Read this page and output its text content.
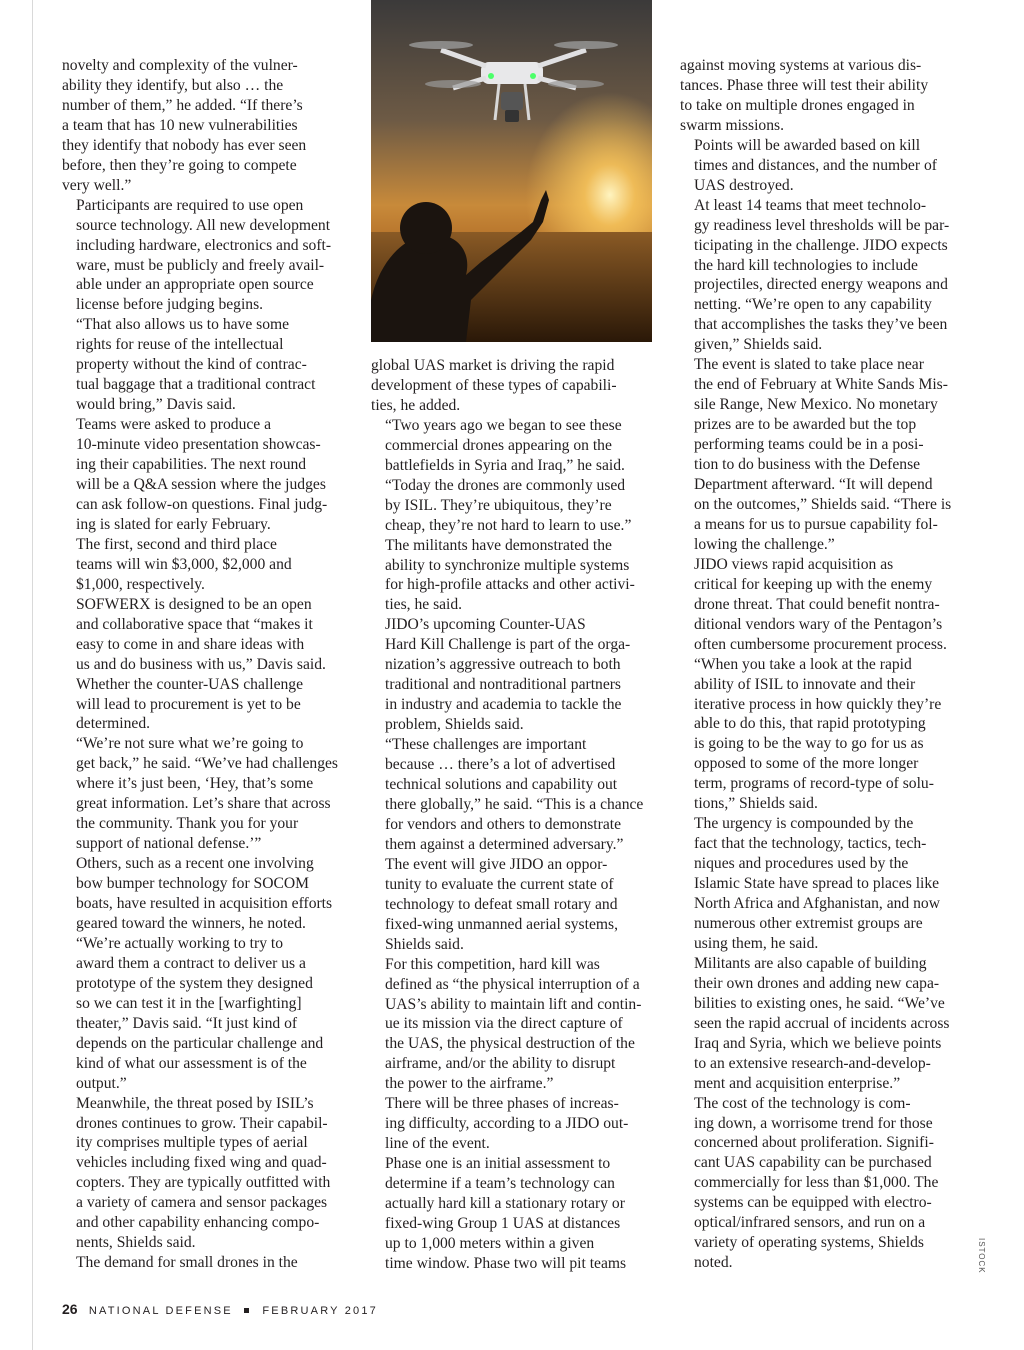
novelty and complexity of the vulner-
ability they identify, but also … the
number of them,” he added. “If there’s
a team that has 10 new vulnerabilities
they identify that nobody has ever seen
before, then they’re going to compete
very well.”

Participants are required to use open
source technology. All new development
including hardware, electronics and soft-
ware, must be publicly and freely avail-
able under an appropriate open source
license before judging begins.

“That also allows us to have some
rights for reuse of the intellectual
property without the kind of contrac-
tual baggage that a traditional contract
would bring,” Davis said.

Teams were asked to produce a
10-minute video presentation showcas-
ing their capabilities. The next round
will be a Q&A session where the judges
can ask follow-on questions. Final judg-
ing is slated for early February.

The first, second and third place
teams will win $3,000, $2,000 and
$1,000, respectively.

SOFWERX is designed to be an open
and collaborative space that “makes it
easy to come in and share ideas with
us and do business with us,” Davis said.
Whether the counter-UAS challenge
will lead to procurement is yet to be
determined.

“We’re not sure what we’re going to
get back,” he said. “We’ve had challenges
where it’s just been, ‘Hey, that’s some
great information. Let’s share that across
the community. Thank you for your
support of national defense.’”

Others, such as a recent one involving
bow bumper technology for SOCOM
boats, have resulted in acquisition efforts
geared toward the winners, he noted.

“We’re actually working to try to
award them a contract to deliver us a
prototype of the system they designed
so we can test it in the [warfighting]
theater,” Davis said. “It just kind of
depends on the particular challenge and
kind of what our assessment is of the
output.”

Meanwhile, the threat posed by ISIL’s
drones continues to grow. Their capabil-
ity comprises multiple types of aerial
vehicles including fixed wing and quad-
copters. They are typically outfitted with
a variety of camera and sensor packages
and other capability enhancing compo-
nents, Shields said.

The demand for small drones in the

global UAS market is driving the rapid
development of these types of capabili-
ties, he added.

“Two years ago we began to see these
commercial drones appearing on the
battlefields in Syria and Iraq,” he said.
“Today the drones are commonly used
by ISIL. They’re ubiquitous, they’re
cheap, they’re not hard to learn to use.”

The militants have demonstrated the
ability to synchronize multiple systems
for high-profile attacks and other activi-
ties, he said.

JIDO’s upcoming Counter-UAS
Hard Kill Challenge is part of the orga-
nization’s aggressive outreach to both
traditional and nontraditional partners
in industry and academia to tackle the
problem, Shields said.

“These challenges are important
because … there’s a lot of advertised
technical solutions and capability out
there globally,” he said. “This is a chance
for vendors and others to demonstrate
them against a determined adversary.”

The event will give JIDO an oppor-
tunity to evaluate the current state of
technology to defeat small rotary and
fixed-wing unmanned aerial systems,
Shields said.

For this competition, hard kill was
defined as “the physical interruption of a
UAS’s ability to maintain lift and contin-
ue its mission via the direct capture of
the UAS, the physical destruction of the
airframe, and/or the ability to disrupt
the power to the airframe.”

There will be three phases of increas-
ing difficulty, according to a JIDO out-
line of the event.

Phase one is an initial assessment to
determine if a team’s technology can
actually hard kill a stationary rotary or
fixed-wing Group 1 UAS at distances
up to 1,000 meters within a given
time window. Phase two will pit teams

against moving systems at various dis-
tances. Phase three will test their ability
to take on multiple drones engaged in
swarm missions.

Points will be awarded based on kill
times and distances, and the number of
UAS destroyed.

At least 14 teams that meet technolo-
gy readiness level thresholds will be par-
ticipating in the challenge. JIDO expects
the hard kill technologies to include
projectiles, directed energy weapons and
netting. “We’re open to any capability
that accomplishes the tasks they’ve been
given,” Shields said.

The event is slated to take place near
the end of February at White Sands Mis-
sile Range, New Mexico. No monetary
prizes are to be awarded but the top
performing teams could be in a posi-
tion to do business with the Defense
Department afterward. “It will depend
on the outcomes,” Shields said. “There is
a means for us to pursue capability fol-
lowing the challenge.”

JIDO views rapid acquisition as
critical for keeping up with the enemy
drone threat. That could benefit nontra-
ditional vendors wary of the Pentagon’s
often cumbersome procurement process.

“When you take a look at the rapid
ability of ISIL to innovate and their
iterative process in how quickly they’re
able to do this, that rapid prototyping
is going to be the way to go for us as
opposed to some of the more longer
term, programs of record-type of solu-
tions,” Shields said.

The urgency is compounded by the
fact that the technology, tactics, tech-
niques and procedures used by the
Islamic State have spread to places like
North Africa and Afghanistan, and now
numerous other extremist groups are
using them, he said.

Militants are also capable of building
their own drones and adding new capa-
bilities to existing ones, he said. “We’ve
seen the rapid accrual of incidents across
Iraq and Syria, which we believe points
to an extensive research-and-develop-
ment and acquisition enterprise.”

The cost of the technology is com-
ing down, a worrisome trend for those
concerned about proliferation. Signifi-
cant UAS capability can be purchased
commercially for less than $1,000. The
systems can be equipped with electro-
optical/infrared sensors, and run on a
variety of operating systems, Shields
noted.	ISTOCK
26 NATIONAL DEFENSE	FEBRUARY 2017
